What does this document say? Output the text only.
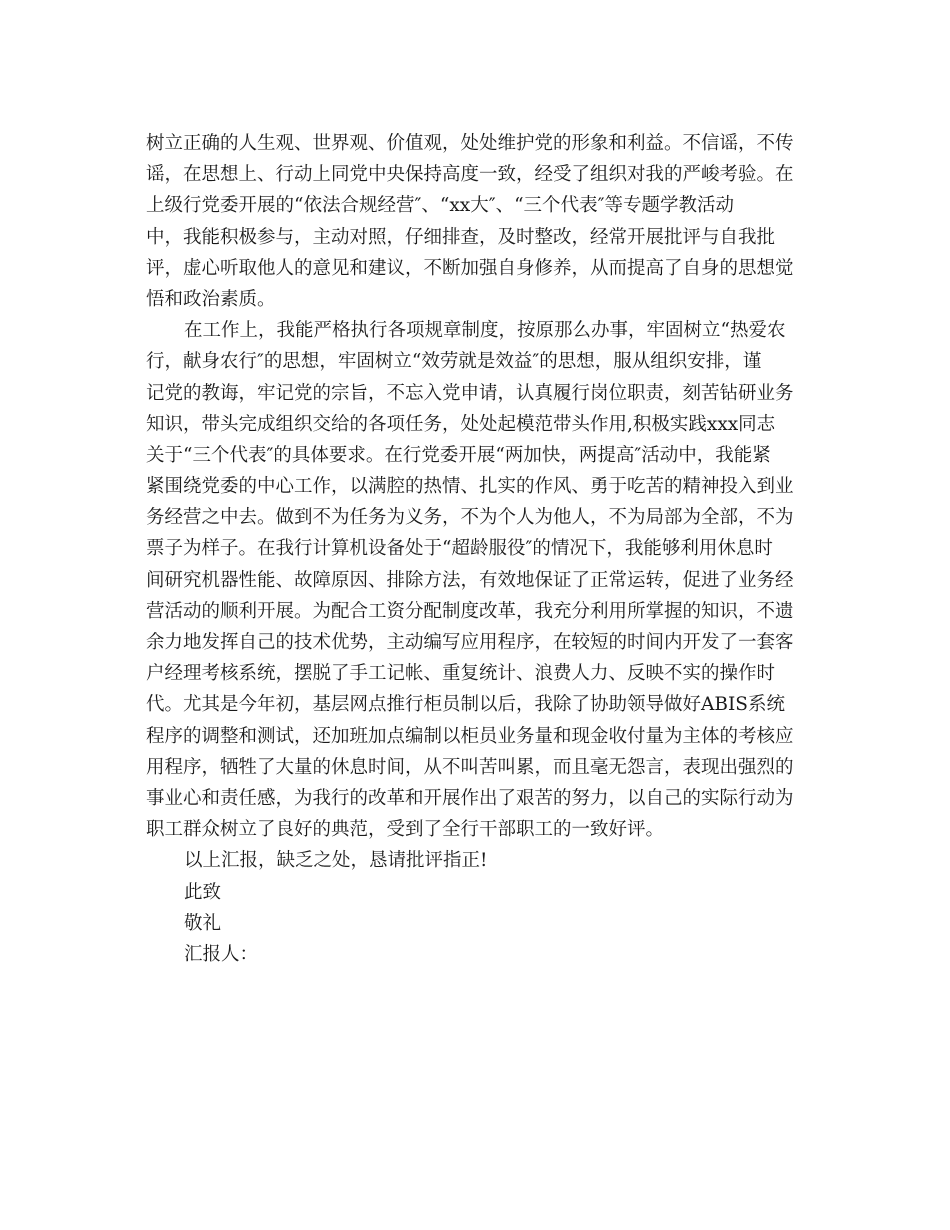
树立正确的人生观、世界观、价值观，处处维护党的形象和利益。不信谣，不传
谣，在思想上、行动上同党中央保持高度一致，经受了组织对我的严峻考验。在
上级行党委开展的“依法合规经营″、“xx大″、“三个代表″等专题学教活动
中，我能积极参与，主动对照，仔细排查，及时整改，经常开展批评与自我批
评，虚心听取他人的意见和建议，不断加强自身修养，从而提高了自身的思想觉
悟和政治素质。
在工作上，我能严格执行各项规章制度，按原那么办事，牢固树立“热爱农
行，献身农行″的思想，牢固树立“效劳就是效益″的思想，服从组织安排，谨
记党的教诲，牢记党的宗旨，不忘入党申请，认真履行岗位职责，刻苦钻研业务
知识，带头完成组织交给的各项任务，处处起模范带头作用,积极实践xxx同志
关于“三个代表″的具体要求。在行党委开展“两加快，两提高″活动中，我能紧
紧围绕党委的中心工作，以满腔的热情、扎实的作风、勇于吃苦的精神投入到业
务经营之中去。做到不为任务为义务，不为个人为他人，不为局部为全部，不为
票子为样子。在我行计算机设备处于“超龄服役″的情况下，我能够利用休息时
间研究机器性能、故障原因、排除方法，有效地保证了正常运转，促进了业务经
营活动的顺利开展。为配合工资分配制度改革，我充分利用所掌握的知识，不遗
余力地发挥自己的技术优势，主动编写应用程序，在较短的时间内开发了一套客
户经理考核系统，摆脱了手工记帐、重复统计、浪费人力、反映不实的操作时
代。尤其是今年初，基层网点推行柜员制以后，我除了协助领导做好ABIS系统
程序的调整和测试，还加班加点编制以柜员业务量和现金收付量为主体的考核应
用程序，牺牲了大量的休息时间，从不叫苦叫累，而且毫无怨言，表现出强烈的
事业心和责任感，为我行的改革和开展作出了艰苦的努力，以自己的实际行动为
职工群众树立了良好的典范，受到了全行干部职工的一致好评。
以上汇报，缺乏之处，恳请批评指正!
此致
敬礼
汇报人：
